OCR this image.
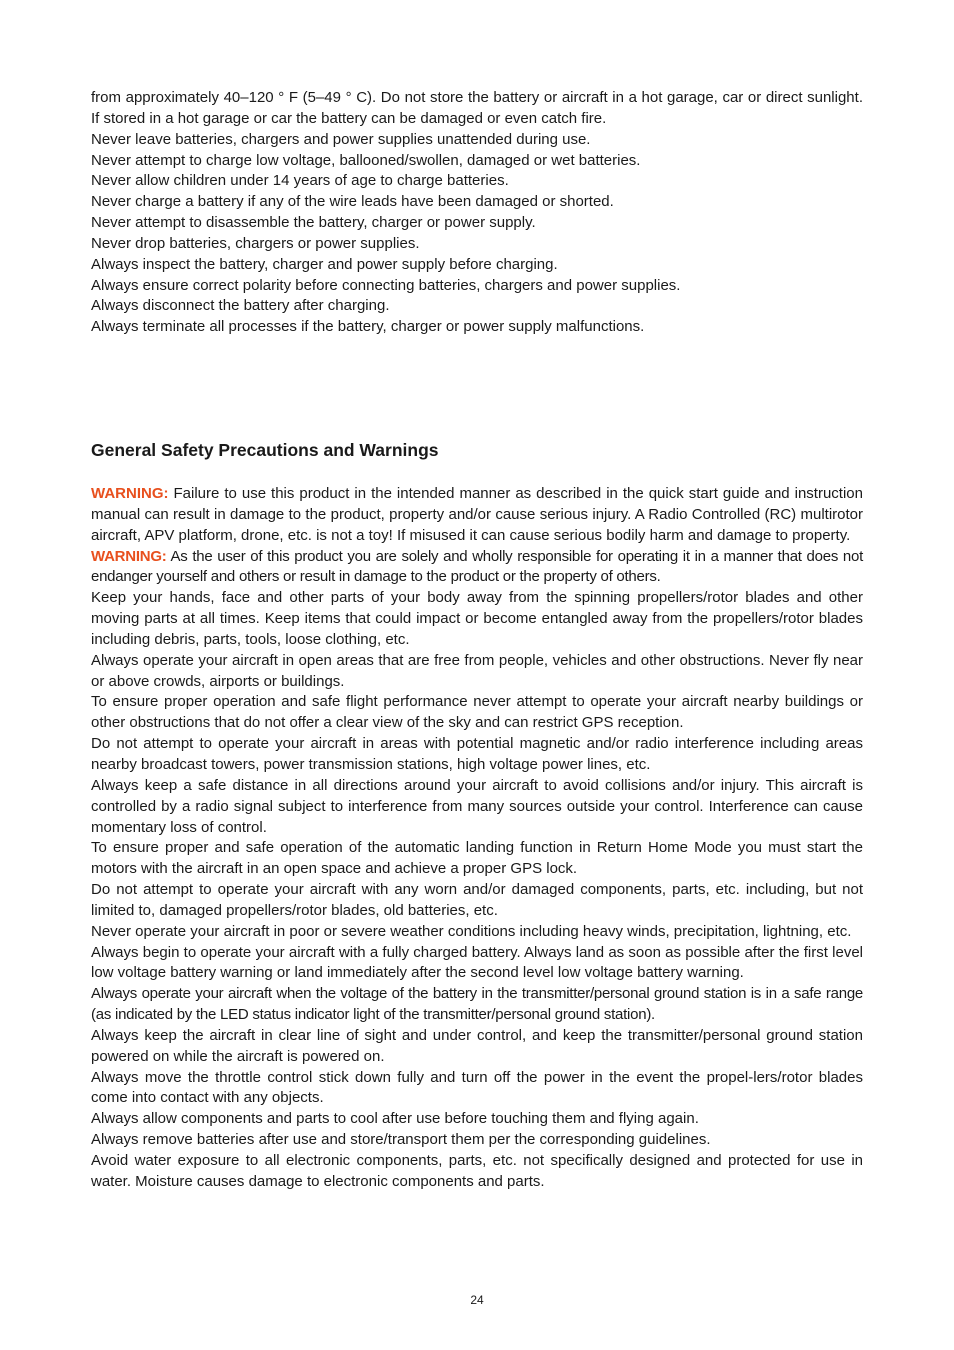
from approximately 40–120 ° F (5–49 ° C). Do not store the battery or aircraft in a hot garage, car or direct sunlight. If stored in a hot garage or car the battery can be damaged or even catch fire.

Never leave batteries, chargers and power supplies unattended during use.

Never attempt to charge low voltage, ballooned/swollen, damaged or wet batteries.

Never allow children under 14 years of age to charge batteries.

Never charge a battery if any of the wire leads have been damaged or shorted.

Never attempt to disassemble the battery, charger or power supply.

Never drop batteries, chargers or power supplies.

Always inspect the battery, charger and power supply before charging.

Always ensure correct polarity before connecting batteries, chargers and power supplies.

Always disconnect the battery after charging.

Always terminate all processes if the battery, charger or power supply malfunctions.

General Safety Precautions and Warnings

WARNING: Failure to use this product in the intended manner as described in the quick start guide and instruction manual can result in damage to the product, property and/or cause serious injury. A Radio Controlled (RC) multirotor aircraft, APV platform, drone, etc. is not a toy! If misused it can cause serious bodily harm and damage to property.

WARNING: As the user of this product you are solely and wholly responsible for operating it in a manner that does not endanger yourself and others or result in damage to the product or the property of others.

Keep your hands, face and other parts of your body away from the spinning propellers/rotor blades and other moving parts at all times. Keep items that could impact or become entangled away from the propellers/rotor blades including debris, parts, tools, loose clothing, etc.

Always operate your aircraft in open areas that are free from people, vehicles and other obstructions. Never fly near or above crowds, airports or buildings.

To ensure proper operation and safe flight performance never attempt to operate your aircraft nearby buildings or other obstructions that do not offer a clear view of the sky and can restrict GPS reception.

Do not attempt to operate your aircraft in areas with potential magnetic and/or radio interference including areas nearby broadcast towers, power transmission stations, high voltage power lines, etc.

Always keep a safe distance in all directions around your aircraft to avoid collisions and/or injury. This aircraft is controlled by a radio signal subject to interference from many sources outside your control. Interference can cause momentary loss of control.

To ensure proper and safe operation of the automatic landing function in Return Home Mode you must start the motors with the aircraft in an open space and achieve a proper GPS lock.

Do not attempt to operate your aircraft with any worn and/or damaged components, parts, etc. including, but not limited to, damaged propellers/rotor blades, old batteries, etc.

Never operate your aircraft in poor or severe weather conditions including heavy winds, precipitation, lightning, etc.

Always begin to operate your aircraft with a fully charged battery. Always land as soon as possible after the first level low voltage battery warning or land immediately after the second level low voltage battery warning.

Always operate your aircraft when the voltage of the battery in the transmitter/personal ground station is in a safe range (as indicated by the LED status indicator light of the transmitter/personal ground station).

Always keep the aircraft in clear line of sight and under control, and keep the transmitter/personal ground station powered on while the aircraft is powered on.

Always move the throttle control stick down fully and turn off the power in the event the propel-lers/rotor blades come into contact with any objects.

Always allow components and parts to cool after use before touching them and flying again.

Always remove batteries after use and store/transport them per the corresponding guidelines.

Avoid water exposure to all electronic components, parts, etc. not specifically designed and protected for use in water. Moisture causes damage to electronic components and parts.

24
